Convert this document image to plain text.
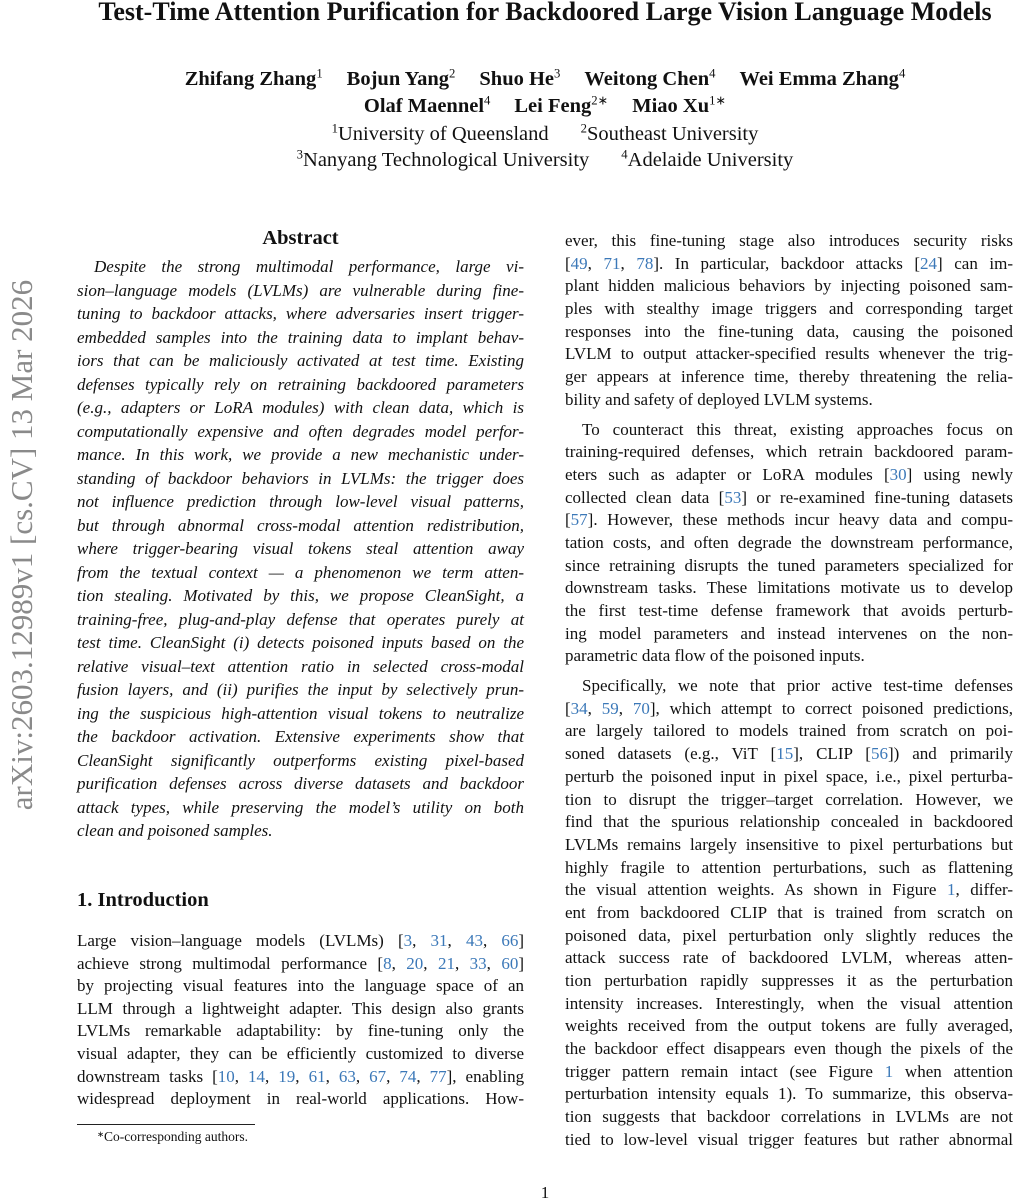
Test-Time Attention Purification for Backdoored Large Vision Language Models
Zhifang Zhang$^1$ Bojun Yang$^2$ Shuo He$^3$ Weitong Chen$^4$ Wei Emma Zhang$^4$
Olaf Maennel$^4$ Lei Feng$^{2∗}$ Miao $Xu^{1∗}$
$^1$University of Queensland	$^2$Southeast University
$^3$Nanyang Technological University	$^4$Adelaide University
arXiv:2603.12989v1 [cs.CV] 13 Mar 2026
Abstract
Despite the strong multimodal performance, large vi-
sion–language models (LVLMs) are vulnerable during fine-
tuning to backdoor attacks, where adversaries insert trigger-
embedded samples into the training data to implant behav-
iors that can be maliciously activated at test time. Existing
defenses typically rely on retraining backdoored parameters
(e.g., adapters or LoRA modules) with clean data, which is
computationally expensive and often degrades model perfor-
mance. In this work, we provide a new mechanistic under-
standing of backdoor behaviors in LVLMs: the trigger does
not influence prediction through low-level visual patterns,
but through abnormal cross-modal attention redistribution,
where trigger-bearing visual tokens steal attention away
from the textual context — a phenomenon we term atten-
tion stealing. Motivated by this, we propose CleanSight, a
training-free, plug-and-play defense that operates purely at
test time. CleanSight (i) detects poisoned inputs based on the
relative visual–text attention ratio in selected cross-modal
fusion layers, and (ii) purifies the input by selectively prun-
ing the suspicious high-attention visual tokens to neutralize
the backdoor activation. Extensive experiments show that
CleanSight significantly outperforms existing pixel-based
purification defenses across diverse datasets and backdoor
attack types, while preserving the model’s utility on both
clean and poisoned samples.
1. Introduction
Large vision–language models (LVLMs) [3, 31, 43, 66]
achieve strong multimodal performance [8, 20, 21, 33, 60]
by projecting visual features into the language space of an
LLM through a lightweight adapter. This design also grants
LVLMs remarkable adaptability: by fine-tuning only the
visual adapter, they can be efficiently customized to diverse
downstream tasks [10, 14, 19, 61, 63, 67, 74, 77], enabling
widespread deployment in real-world applications. How-
ever, this fine-tuning stage also introduces security risks
[49, 71, 78]. In particular, backdoor attacks [24] can im-
plant hidden malicious behaviors by injecting poisoned sam-
ples with stealthy image triggers and corresponding target
responses into the fine-tuning data, causing the poisoned
LVLM to output attacker-specified results whenever the trig-
ger appears at inference time, thereby threatening the relia-
bility and safety of deployed LVLM systems.
To counteract this threat, existing approaches focus on
training-required defenses, which retrain backdoored param-
eters such as adapter or LoRA modules [30] using newly
collected clean data [53] or re-examined fine-tuning datasets
[57]. However, these methods incur heavy data and compu-
tation costs, and often degrade the downstream performance,
since retraining disrupts the tuned parameters specialized for
downstream tasks. These limitations motivate us to develop
the first test-time defense framework that avoids perturb-
ing model parameters and instead intervenes on the non-
parametric data flow of the poisoned inputs.
Specifically, we note that prior active test-time defenses
[34, 59, 70], which attempt to correct poisoned predictions,
are largely tailored to models trained from scratch on poi-
soned datasets (e.g., ViT [15], CLIP [56]) and primarily
perturb the poisoned input in pixel space, i.e., pixel perturba-
tion to disrupt the trigger–target correlation. However, we
find that the spurious relationship concealed in backdoored
LVLMs remains largely insensitive to pixel perturbations but
highly fragile to attention perturbations, such as flattening
the visual attention weights. As shown in Figure 1, differ-
ent from backdoored CLIP that is trained from scratch on
poisoned data, pixel perturbation only slightly reduces the
attack success rate of backdoored LVLM, whereas atten-
tion perturbation rapidly suppresses it as the perturbation
intensity increases. Interestingly, when the visual attention
weights received from the output tokens are fully averaged,
the backdoor effect disappears even though the pixels of the
trigger pattern remain intact (see Figure 1 when attention
perturbation intensity equals 1). To summarize, this observa-
tion suggests that backdoor correlations in LVLMs are not
tied to low-level visual trigger features but rather abnormal
∗Co-corresponding authors.
1
